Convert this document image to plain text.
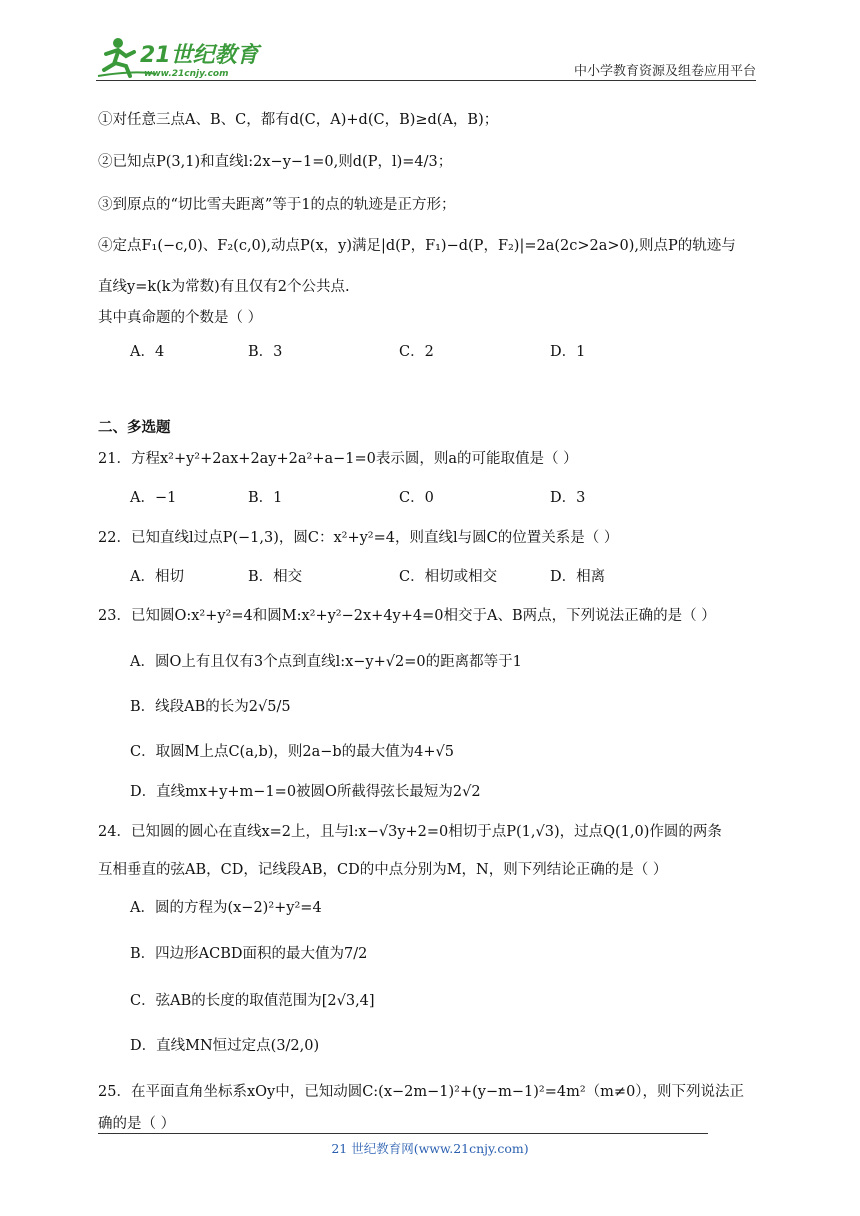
21世纪教育
www.21cnjy.com	中小学教育资源及组卷应用平台
①对任意三点A、B、C，都有d(C，A)+d(C，B)≥d(A，B)；
②已知点P(3,1)和直线l:2x−y−1=0,则d(P，l)=4/3；
③到原点的“切比雪夫距离”等于1的点的轨迹是正方形；
④定点F₁(−c,0)、F₂(c,0),动点P(x，y)满足|d(P，F₁)−d(P，F₂)|=2a(2c>2a>0),则点P的轨迹与
直线y=k(k为常数)有且仅有2个公共点.
其中真命题的个数是（ ）
A．4	B．3	C．2	D．1
二、多选题
21．方程x²+y²+2ax+2ay+2a²+a−1=0表示圆，则a的可能取值是（ ）
A．−1	B．1	C．0	D．3
22．已知直线l过点P(−1,3)，圆C：x²+y²=4，则直线l与圆C的位置关系是（ ）
A．相切	B．相交	C．相切或相交	D．相离
23．已知圆O:x²+y²=4和圆M:x²+y²−2x+4y+4=0相交于A、B两点，下列说法正确的是（ ）
A．圆O上有且仅有3个点到直线l:x−y+√2=0的距离都等于1
B．线段AB的长为2√5/5
C．取圆M上点C(a,b)，则2a−b的最大值为4+√5
D．直线mx+y+m−1=0被圆O所截得弦长最短为2√2
24．已知圆的圆心在直线x=2上，且与l:x−√3y+2=0相切于点P(1,√3)，过点Q(1,0)作圆的两条
互相垂直的弦AB，CD，记线段AB，CD的中点分别为M，N，则下列结论正确的是（ ）
A．圆的方程为(x−2)²+y²=4
B．四边形ACBD面积的最大值为7/2
C．弦AB的长度的取值范围为[2√3,4]
D．直线MN恒过定点(3/2,0)
25．在平面直角坐标系xOy中，已知动圆C:(x−2m−1)²+(y−m−1)²=4m²（m≠0），则下列说法正
确的是（ ）
21 世纪教育网(www.21cnjy.com)
